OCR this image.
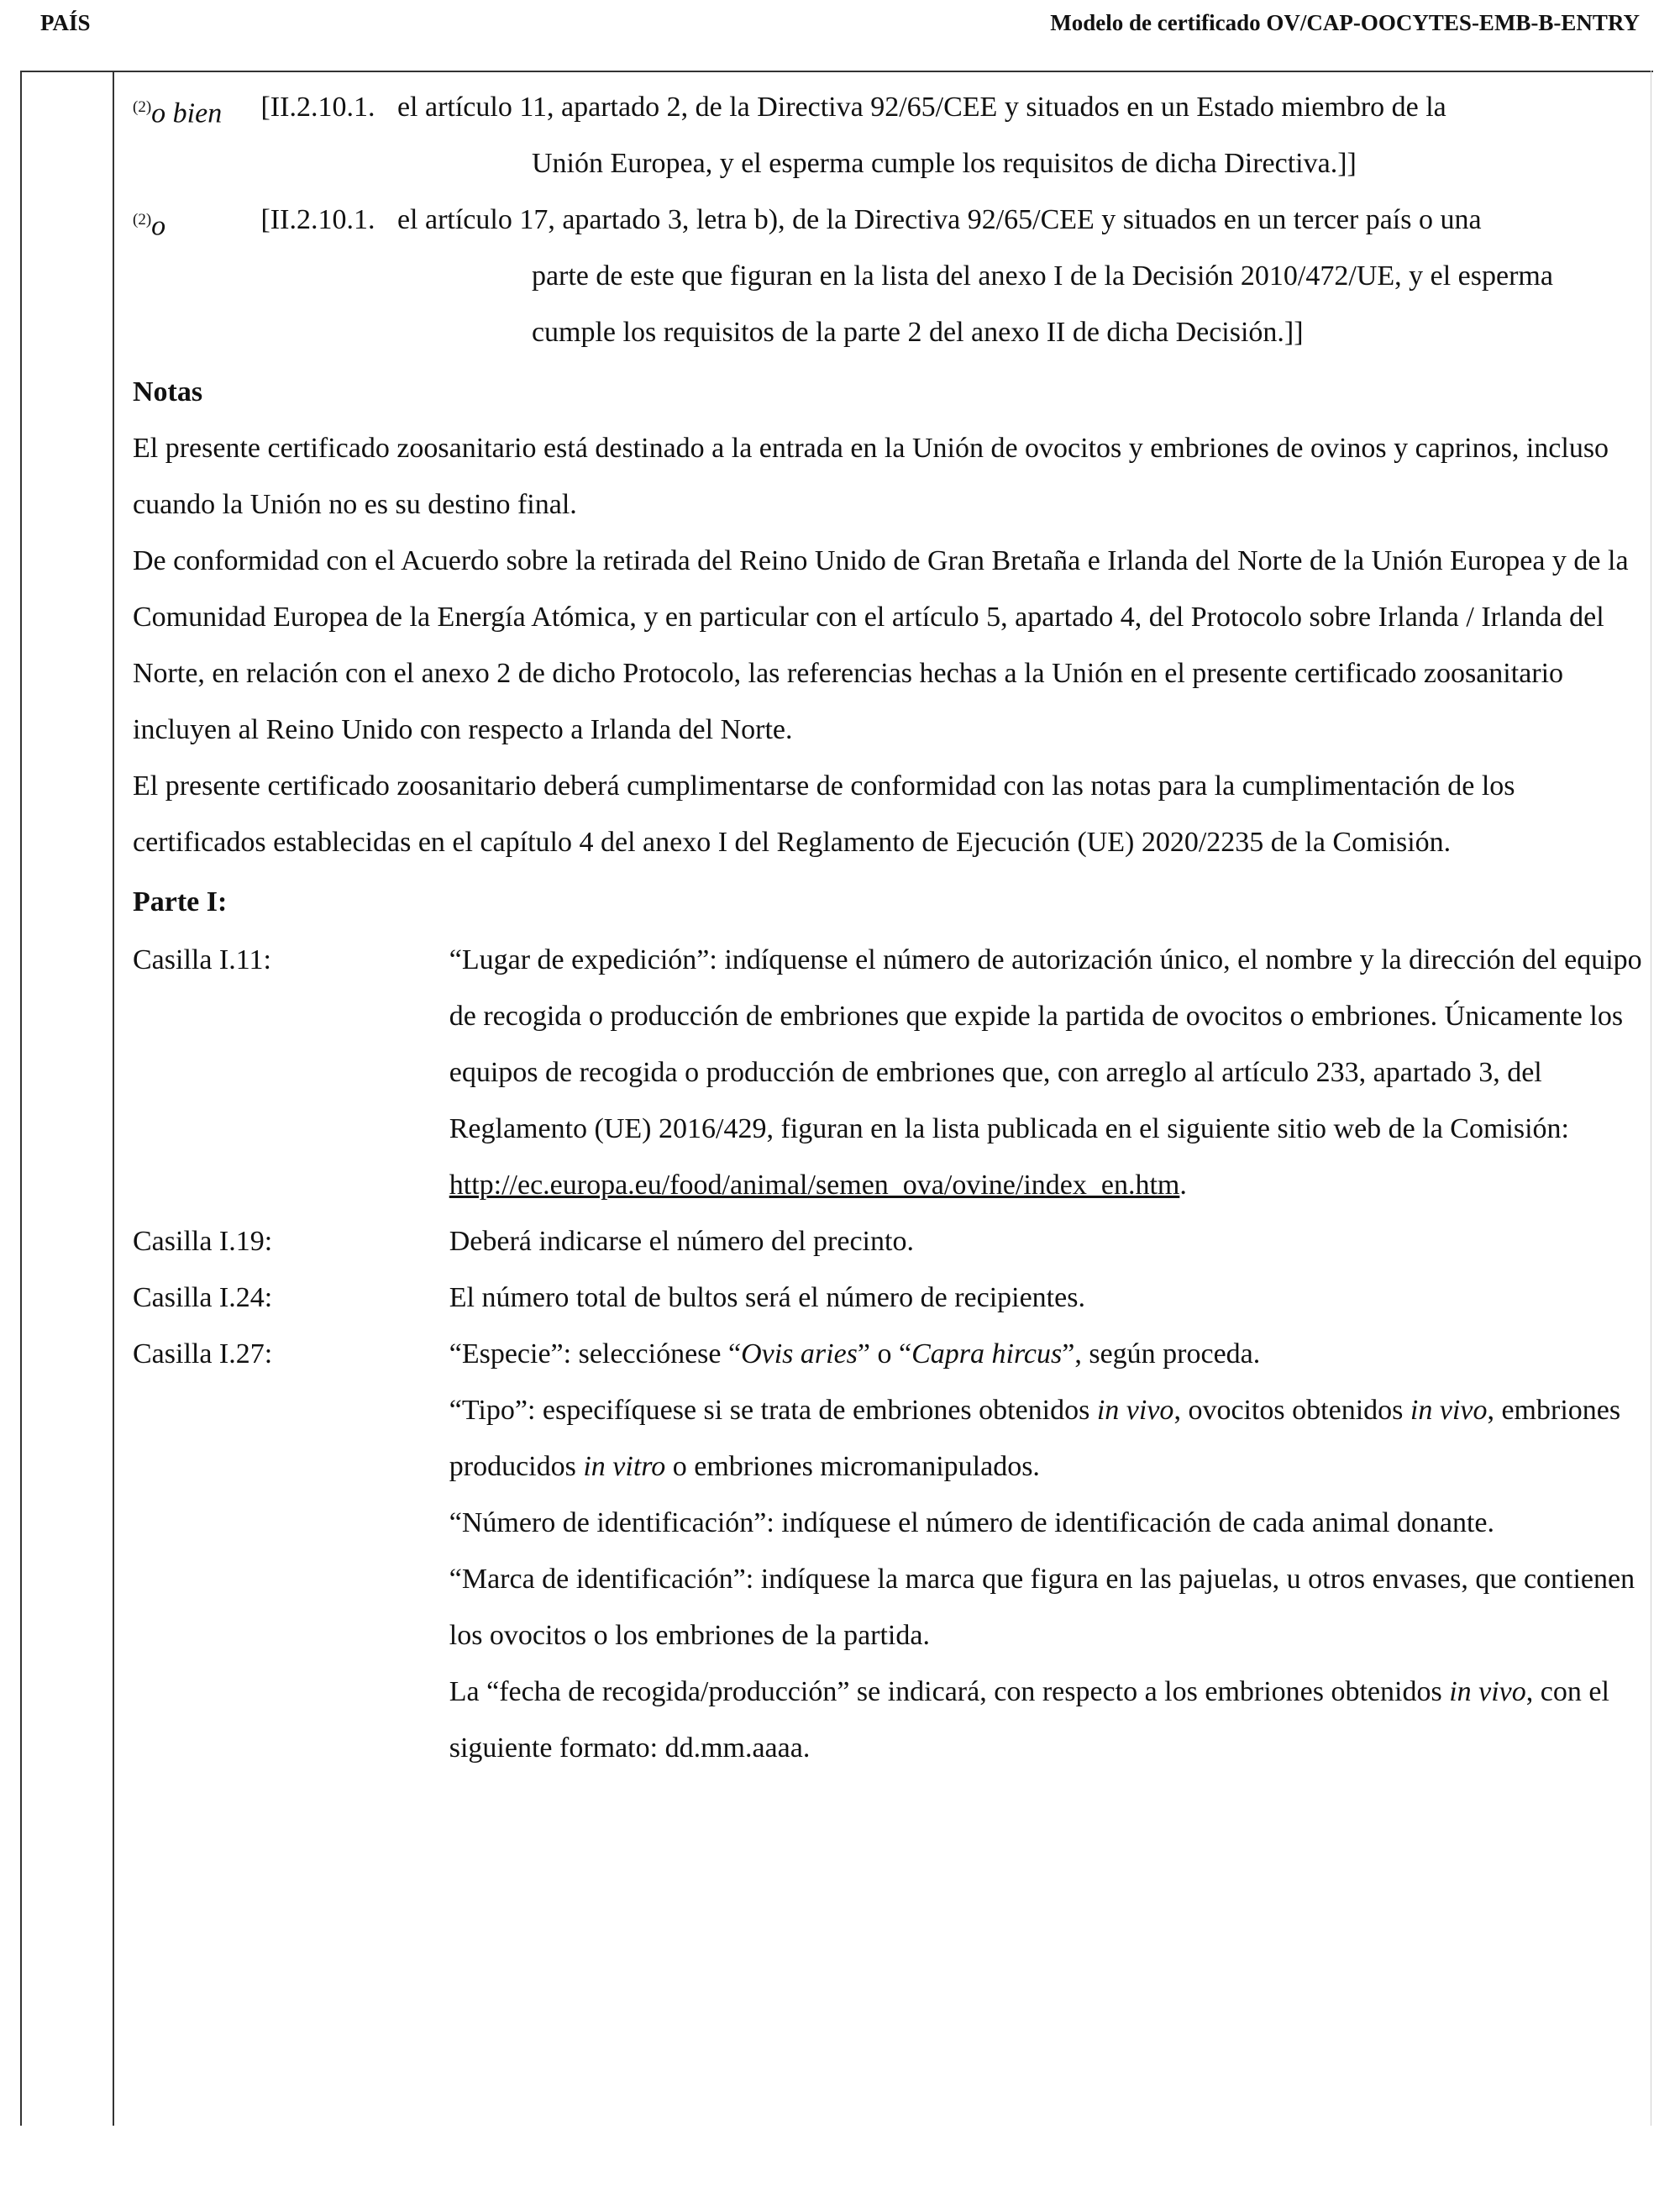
PAÍS	Modelo de certificado OV/CAP-OOCYTES-EMB-B-ENTRY
$^{(2)}$o bien	[II.2.10.1. el artículo 11, apartado 2, de la Directiva 92/65/CEE y situados en un Estado miembro de la
Unión Europea, y el esperma cumple los requisitos de dicha Directiva.]]
$^{(2)}$o	[II.2.10.1. el artículo 17, apartado 3, letra b), de la Directiva 92/65/CEE y situados en un tercer país o una
parte de este que figuran en la lista del anexo I de la Decisión 2010/472/UE, y el esperma
cumple los requisitos de la parte 2 del anexo II de dicha Decisión.]]
Notas

El presente certificado zoosanitario está destinado a la entrada en la Unión de ovocitos y embriones de ovinos y caprinos, incluso cuando la Unión no es su destino final.

De conformidad con el Acuerdo sobre la retirada del Reino Unido de Gran Bretaña e Irlanda del Norte de la Unión Europea y de la Comunidad Europea de la Energía Atómica, y en particular con el artículo 5, apartado 4, del Protocolo sobre Irlanda / Irlanda del Norte, en relación con el anexo 2 de dicho Protocolo, las referencias hechas a la Unión en el presente certificado zoosanitario incluyen al Reino Unido con respecto a Irlanda del Norte.

El presente certificado zoosanitario deberá cumplimentarse de conformidad con las notas para la cumplimentación de los certificados establecidas en el capítulo 4 del anexo I del Reglamento de Ejecución (UE) 2020/2235 de la Comisión.

Parte I:
Casilla I.11:	“Lugar de expedición”: indíquense el número de autorización único, el nombre y la dirección del equipo de recogida o producción de embriones que expide la partida de ovocitos o embriones. Únicamente los equipos de recogida o producción de embriones que, con arreglo al artículo 233, apartado 3, del Reglamento (UE) 2016/429, figuran en la lista publicada en el siguiente sitio web de la Comisión: http://ec.europa.eu/food/animal/semen_ova/ovine/index_en.htm.

Casilla I.19:	Deberá indicarse el número del precinto.
Casilla I.24:	El número total de bultos será el número de recipientes.
Casilla I.27:	“Especie”: selecciónese “Ovis aries” o “Capra hircus”, según proceda.

“Tipo”: especifíquese si se trata de embriones obtenidos in vivo, ovocitos obtenidos in vivo, embriones producidos in vitro o embriones micromanipulados.

“Número de identificación”: indíquese el número de identificación de cada animal donante.

“Marca de identificación”: indíquese la marca que figura en las pajuelas, u otros envases, que contienen los ovocitos o los embriones de la partida.

La “fecha de recogida/producción” se indicará, con respecto a los embriones obtenidos in vivo, con el siguiente formato: dd.mm.aaaa.
